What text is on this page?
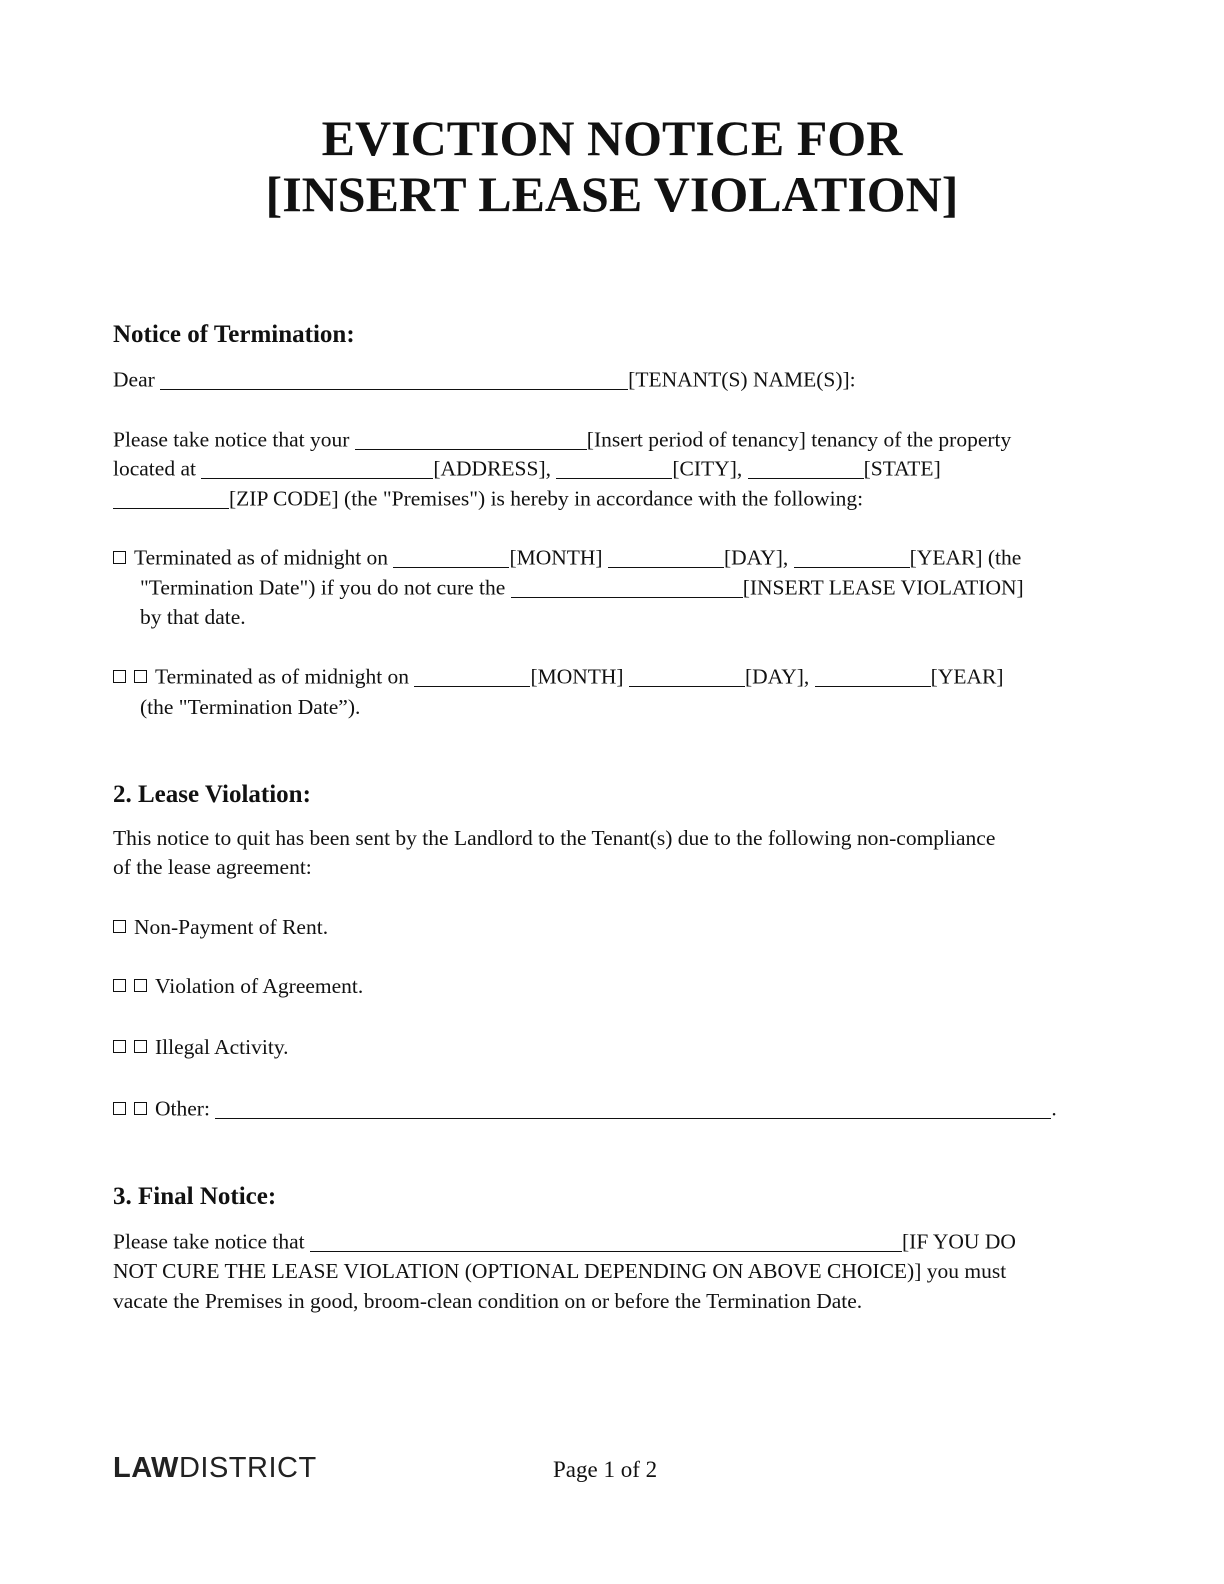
EVICTION NOTICE FOR
[INSERT LEASE VIOLATION]
Notice of Termination:
Dear	[TENANT(S) NAME(S)]:
Please take notice that your	[Insert period of tenancy] tenancy of the property
located at	[ADDRESS],	[CITY],	[STATE]
[ZIP CODE] (the "Premises") is hereby in accordance with the following:
Terminated as of midnight on	[MONTH]	[DAY],	[YEAR] (the
"Termination Date") if you do not cure the	[INSERT LEASE VIOLATION]
by that date.
Terminated as of midnight on	[MONTH]	[DAY],	[YEAR]
(the "Termination Date”).
2. Lease Violation:
This notice to quit has been sent by the Landlord to the Tenant(s) due to the following non-compliance
of the lease agreement:
Non-Payment of Rent.
Violation of Agreement.
Illegal Activity.
Other:	.
3. Final Notice:
Please take notice that	[IF YOU DO
NOT CURE THE LEASE VIOLATION (OPTIONAL DEPENDING ON ABOVE CHOICE)] you must
vacate the Premises in good, broom-clean condition on or before the Termination Date.
LAWDISTRICT	Page 1 of 2
